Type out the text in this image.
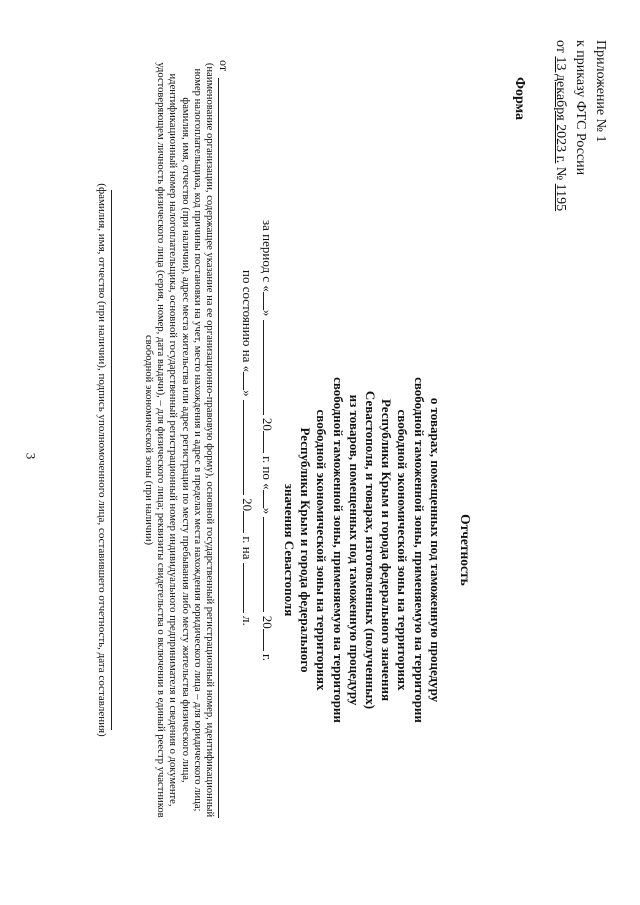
3
Приложение № 1
к приказу ФТС России
от 13 декабря 2023 г. № 1195
Форма
Отчетность
о товарах, помещенных под таможенную процедуру
свободной таможенной зоны, применяемую на территории
свободной экономической зоны на территориях
Республики Крым и города федерального значения
Севастополя, и товарах, изготовленных (полученных)
из товаров, помещенных под таможенную процедуру
свободной таможенной зоны, применяемую на территории
свободной экономической зоны на территориях
Республики Крым и города федерального
значения Севастополя
за период с «»  20 г. по «»  20 г.
по состоянию на «»  20 г. на  л.
от
(наименование организации, содержащее указание на ее организационно-правовую форму), основной государственный регистрационный номер, идентификационный номер налогоплательщика, код причины постановки на учет, место нахождения и адрес в пределах места нахождения юридического лица – для юридического лица; фамилия, имя, отчество (при наличии), адрес места жительства или адрес регистрации по месту пребывания либо месту жительства физического лица, идентификационный номер налогоплательщика, основной государственный регистрационный номер индивидуального предпринимателя и сведения о документе, удостоверяющем личность физического лица (серия, номер, дата выдачи), – для физического лица; реквизиты свидетельства о включении в единый реестр участников свободной экономической зоны (при наличии)
(фамилия, имя, отчество (при наличии), подпись уполномоченного лица, составившего отчетность, дата составления)
